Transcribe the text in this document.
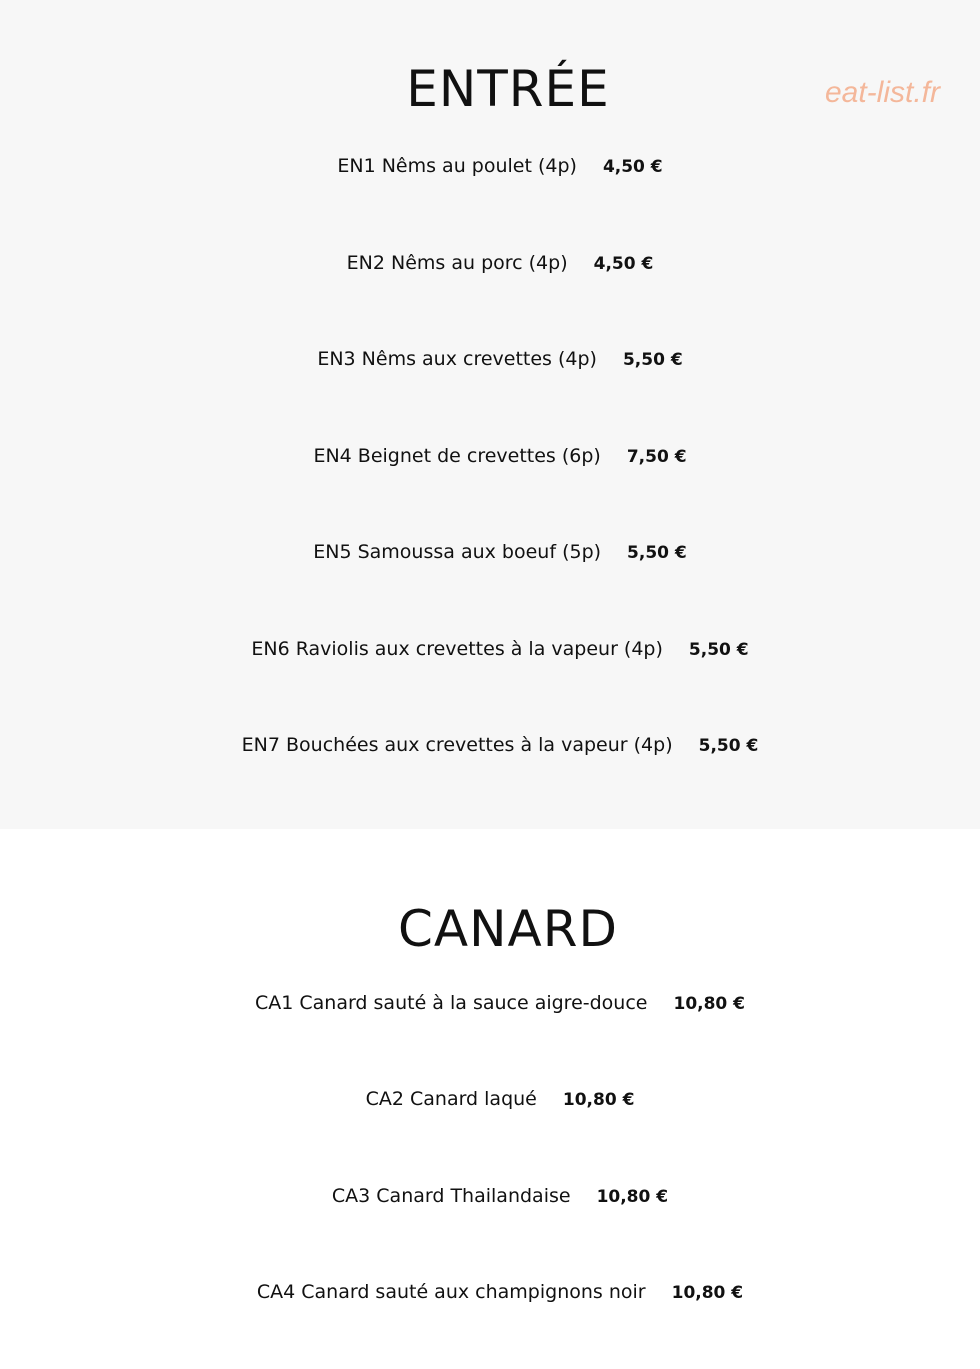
ENTRÉE	eat-list.fr
EN1 Nêms au poulet (4p) 4,50 €
EN2 Nêms au porc (4p) 4,50 €
EN3 Nêms aux crevettes (4p) 5,50 €
EN4 Beignet de crevettes (6p) 7,50 €
EN5 Samoussa aux boeuf (5p) 5,50 €
EN6 Raviolis aux crevettes à la vapeur (4p) 5,50 €
EN7 Bouchées aux crevettes à la vapeur (4p) 5,50 €
CANARD
CA1 Canard sauté à la sauce aigre-douce 10,80 €
CA2 Canard laqué 10,80 €
CA3 Canard Thailandaise 10,80 €
CA4 Canard sauté aux champignons noir 10,80 €
